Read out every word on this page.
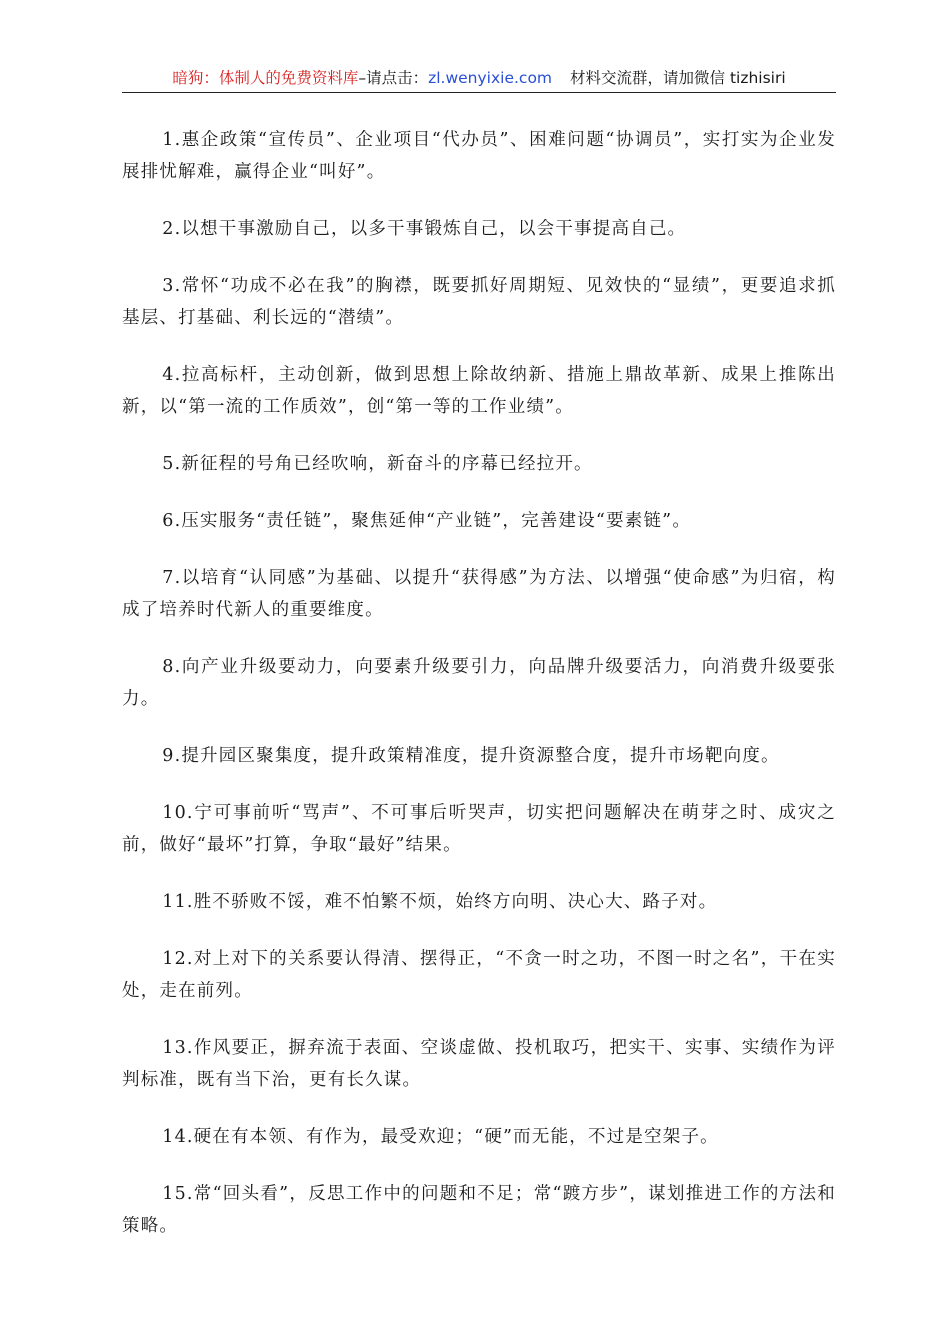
暗狗：体制人的免费资料库–请点击：zl.wenyixie.com 材料交流群，请加微信 tizhisiri

1.惠企政策“宣传员”、企业项目“代办员”、困难问题“协调员”，实打实为企业发展排忧解难，赢得企业“叫好”。

2.以想干事激励自己，以多干事锻炼自己，以会干事提高自己。

3.常怀“功成不必在我”的胸襟，既要抓好周期短、见效快的“显绩”，更要追求抓基层、打基础、利长远的“潜绩”。

4.拉高标杆，主动创新，做到思想上除故纳新、措施上鼎故革新、成果上推陈出新，以“第一流的工作质效”，创“第一等的工作业绩”。

5.新征程的号角已经吹响，新奋斗的序幕已经拉开。

6.压实服务“责任链”，聚焦延伸“产业链”，完善建设“要素链”。

7.以培育“认同感”为基础、以提升“获得感”为方法、以增强“使命感”为归宿，构成了培养时代新人的重要维度。

8.向产业升级要动力，向要素升级要引力，向品牌升级要活力，向消费升级要张力。

9.提升园区聚集度，提升政策精准度，提升资源整合度，提升市场靶向度。

10.宁可事前听“骂声”、不可事后听哭声，切实把问题解决在萌芽之时、成灾之前，做好“最坏”打算，争取“最好”结果。

11.胜不骄败不馁，难不怕繁不烦，始终方向明、决心大、路子对。

12.对上对下的关系要认得清、摆得正，“不贪一时之功，不图一时之名”，干在实处，走在前列。

13.作风要正，摒弃流于表面、空谈虚做、投机取巧，把实干、实事、实绩作为评判标准，既有当下治，更有长久谋。

14.硬在有本领、有作为，最受欢迎；“硬”而无能，不过是空架子。

15.常“回头看”，反思工作中的问题和不足；常“踱方步”，谋划推进工作的方法和策略。
